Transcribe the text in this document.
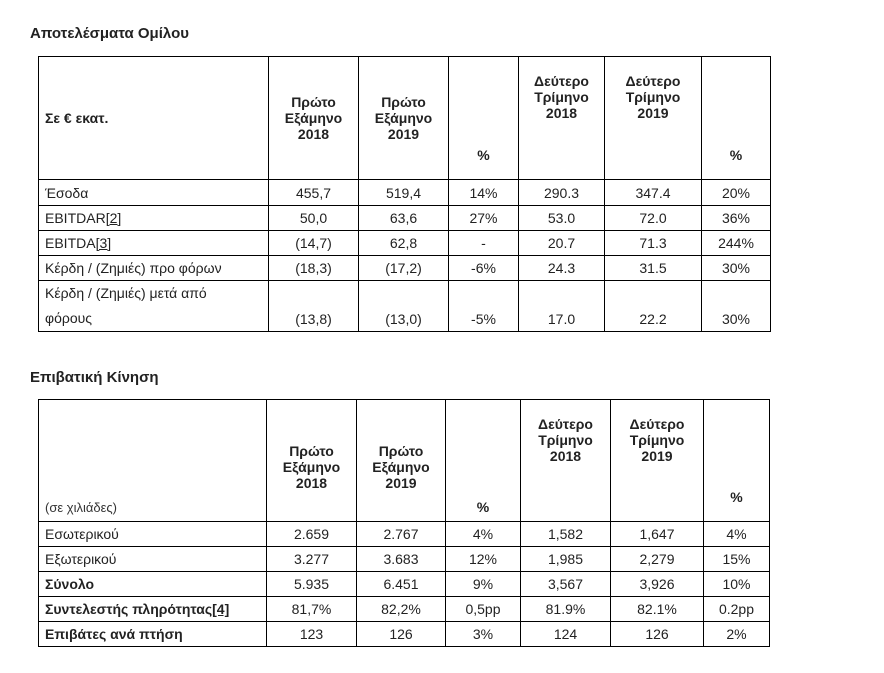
Αποτελέσματα Ομίλου

Σε € εκατ.	Πρώτο
Εξάμηνο
2018	Πρώτο
Εξάμηνο
2019	%	Δεύτερο
Τρίμηνο
2018	Δεύτερο
Τρίμηνο
2019	%
Έσοδα	455,7	519,4	14%	290.3	347.4	20%
EBITDAR[2]	50,0	63,6	27%	53.0	72.0	36%
EBITDA[3]	(14,7)	62,8	-	20.7	71.3	244%
Κέρδη / (Ζημιές) προ φόρων	(18,3)	(17,2)	-6%	24.3	31.5	30%
Κέρδη / (Ζημιές) μετά από
φόρους	(13,8)	(13,0)	-5%	17.0	22.2	30%

Επιβατική Κίνηση

(σε χιλιάδες)	Πρώτο
Εξάμηνο
2018	Πρώτο
Εξάμηνο
2019	%	Δεύτερο
Τρίμηνο
2018	Δεύτερο
Τρίμηνο
2019	%
Εσωτερικού	2.659	2.767	4%	1,582	1,647	4%
Εξωτερικού	3.277	3.683	12%	1,985	2,279	15%
Σύνολο	5.935	6.451	9%	3,567	3,926	10%
Συντελεστής πληρότητας[4]	81,7%	82,2%	0,5pp	81.9%	82.1%	0.2pp
Επιβάτες ανά πτήση	123	126	3%	124	126	2%
